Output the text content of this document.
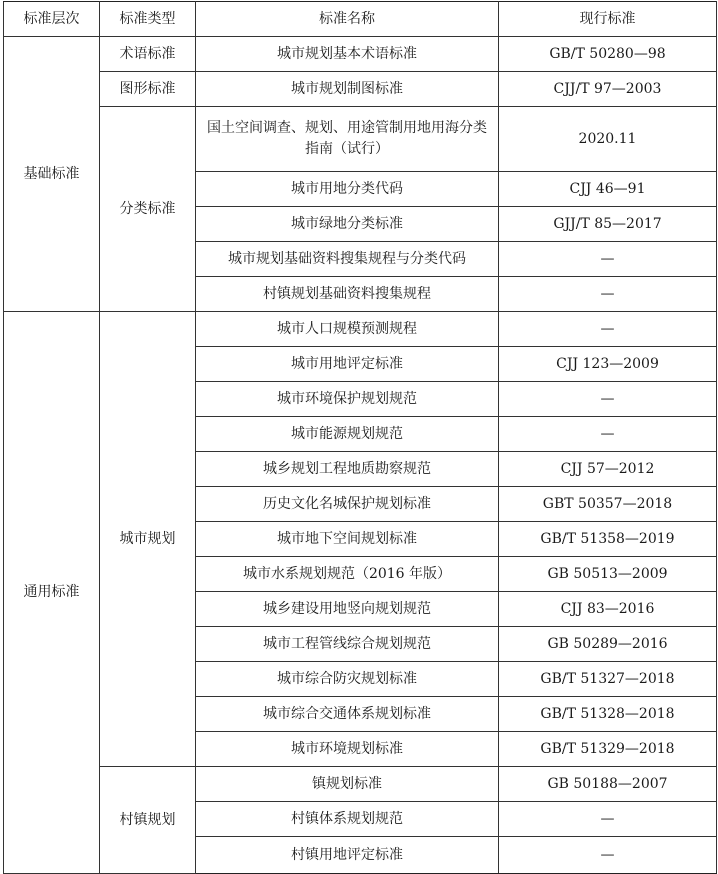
标准层次	标准类型	标准名称	现行标准
基础标准	术语标准	城市规划基本术语标准	GB/T 50280—98
	图形标准	城市规划制图标准	CJJ/T 97—2003
	分类标准	国土空间调查、规划、用途管制用地用海分类指南（试行）	2020.11
		城市用地分类代码	CJJ 46—91
		城市绿地分类标准	GJJ/T 85—2017
		城市规划基础资料搜集规程与分类代码	—
		村镇规划基础资料搜集规程	—
通用标准	城市规划	城市人口规模预测规程	—
		城市用地评定标准	CJJ 123—2009
		城市环境保护规划规范	—
		城市能源规划规范	—
		城乡规划工程地质勘察规范	CJJ 57—2012
		历史文化名城保护规划标准	GBT 50357—2018
		城市地下空间规划标准	GB/T 51358—2019
		城市水系规划规范（2016 年版）	GB 50513—2009
		城乡建设用地竖向规划规范	CJJ 83—2016
		城市工程管线综合规划规范	GB 50289—2016
		城市综合防灾规划标准	GB/T 51327—2018
		城市综合交通体系规划标准	GB/T 51328—2018
		城市环境规划标准	GB/T 51329—2018
	村镇规划	镇规划标准	GB 50188—2007
		村镇体系规划规范	—
		村镇用地评定标准	—
